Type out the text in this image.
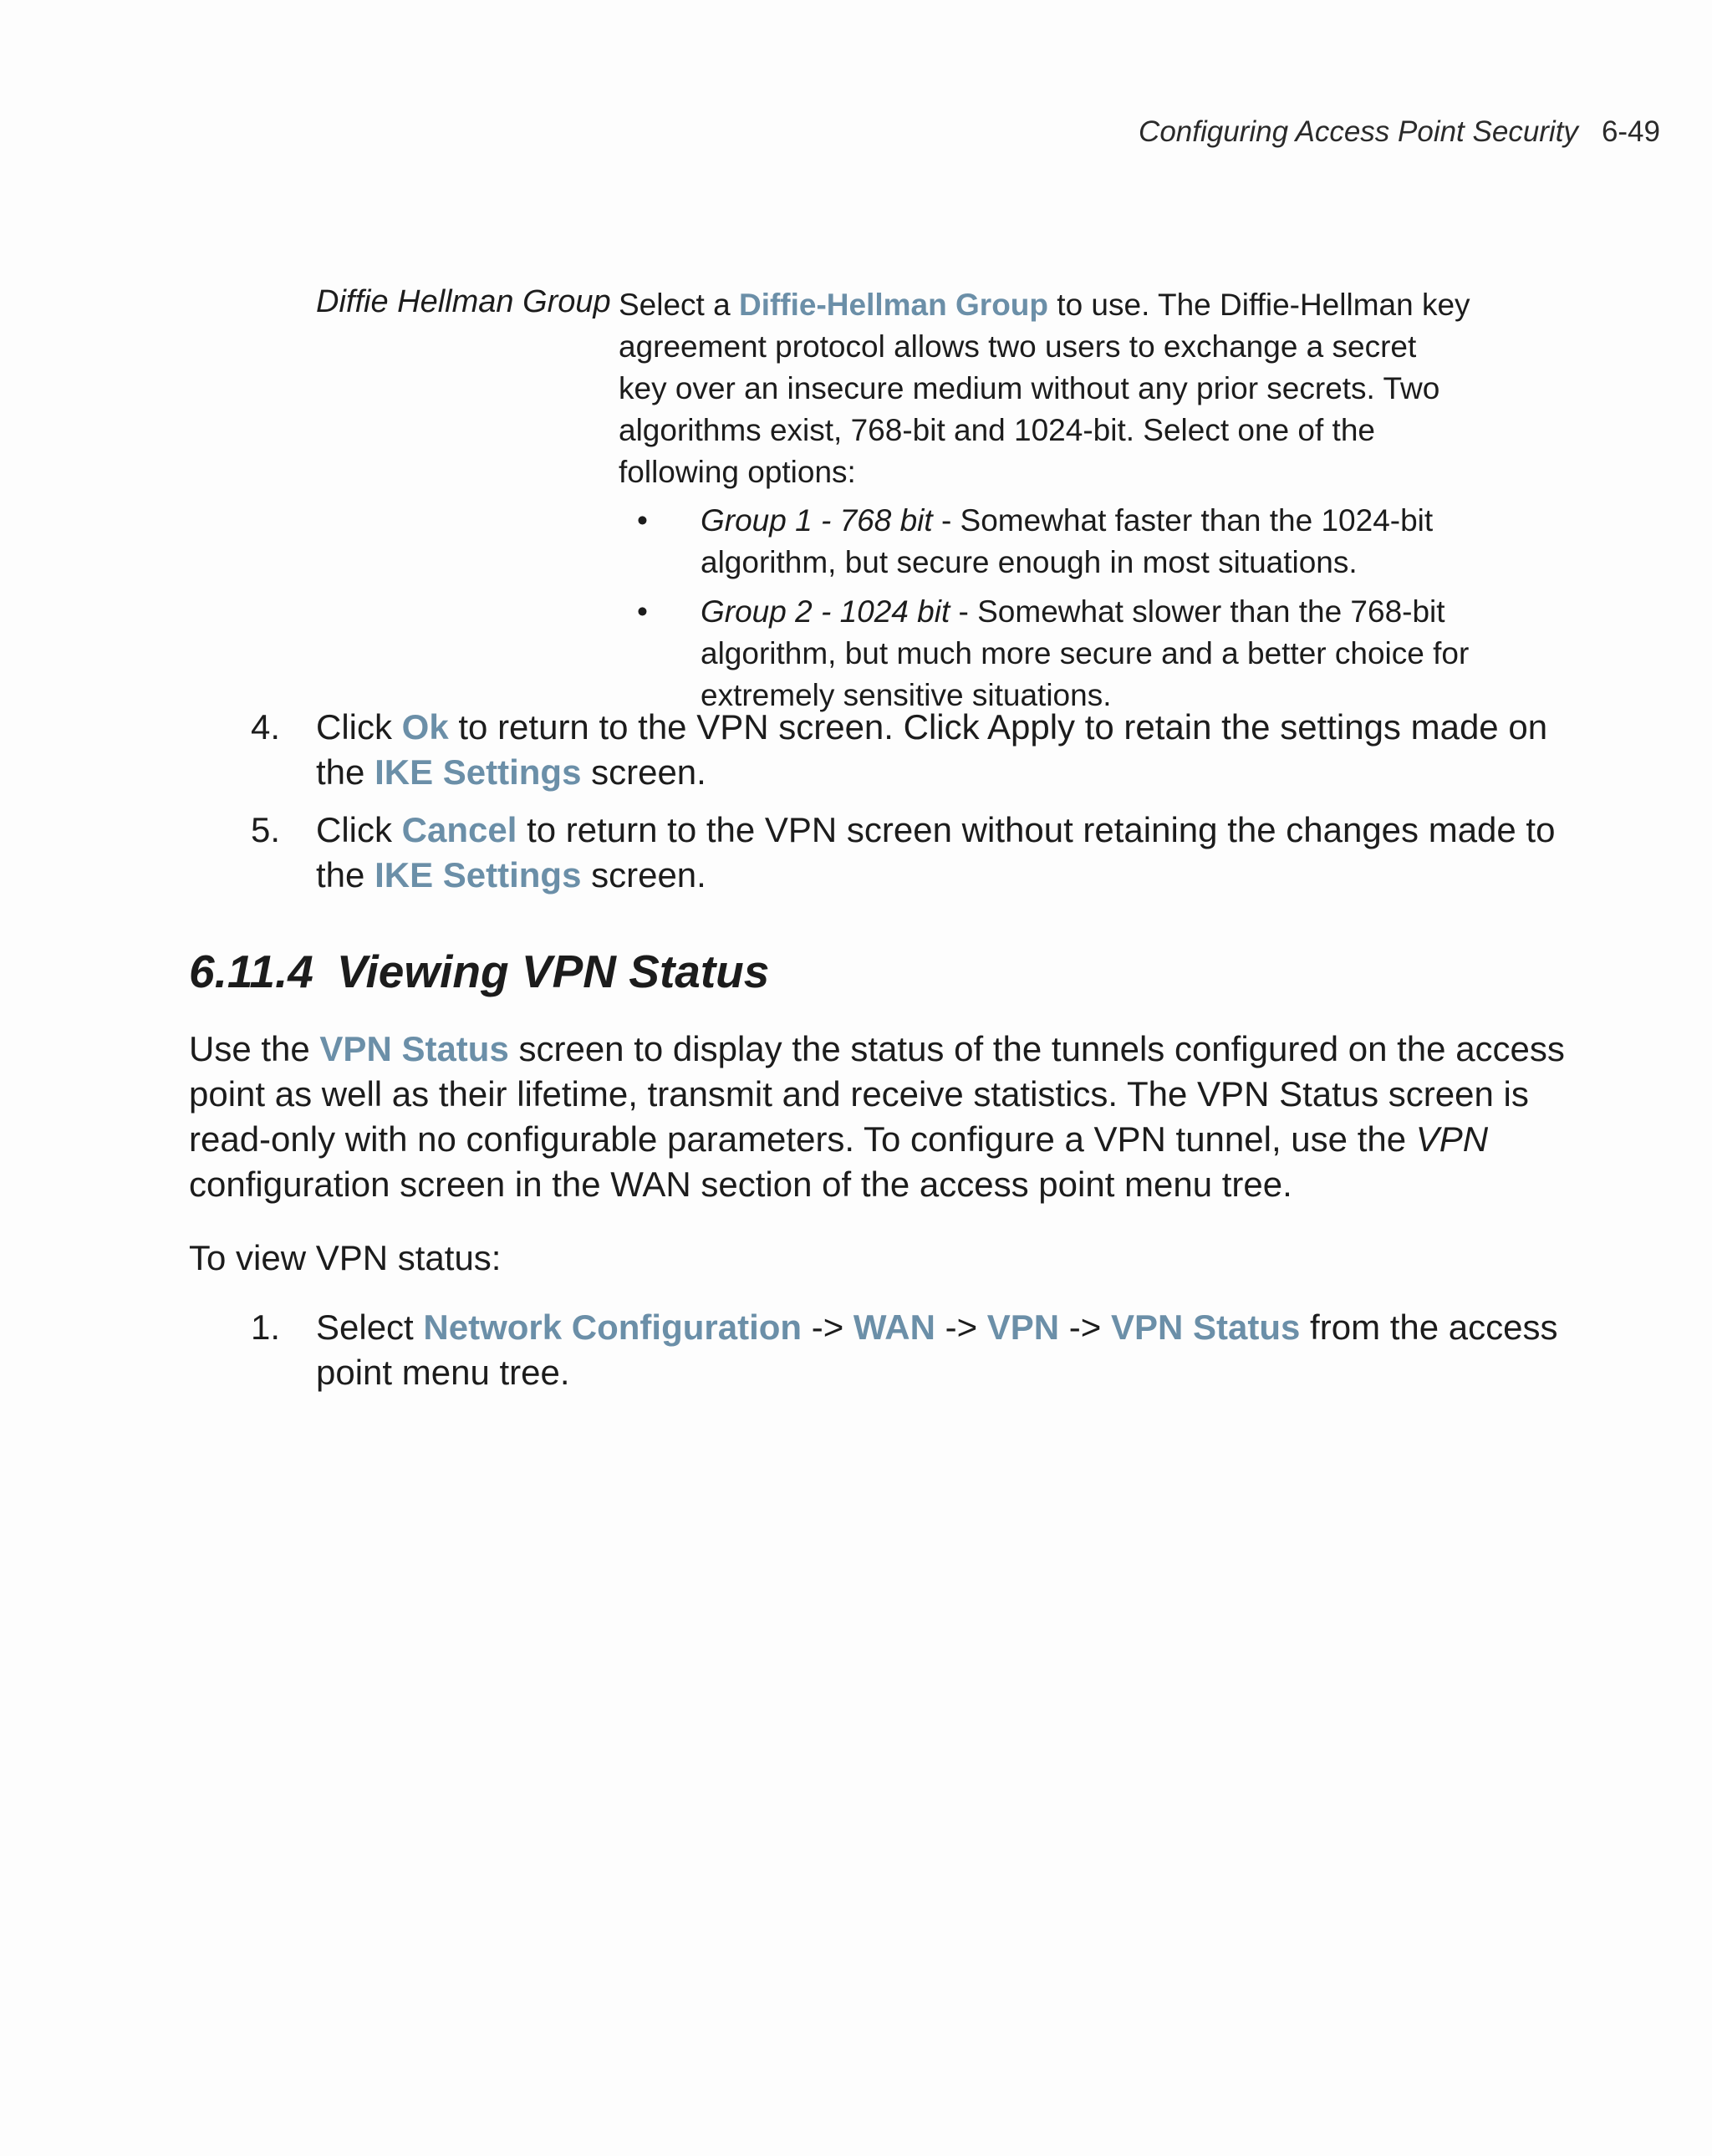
Configuring Access Point Security 6-49
Diffie Hellman Group Select a Diffie-Hellman Group to use. The Diffie-Hellman key agreement protocol allows two users to exchange a secret key over an insecure medium without any prior secrets. Two algorithms exist, 768-bit and 1024-bit. Select one of the following options:

• Group 1 - 768 bit - Somewhat faster than the 1024-bit algorithm, but secure enough in most situations.
• Group 2 - 1024 bit - Somewhat slower than the 768-bit algorithm, but much more secure and a better choice for extremely sensitive situations.
4. Click Ok to return to the VPN screen. Click Apply to retain the settings made on the IKE Settings screen.
5. Click Cancel to return to the VPN screen without retaining the changes made to the IKE Settings screen.
6.11.4 Viewing VPN Status

Use the VPN Status screen to display the status of the tunnels configured on the access point as well as their lifetime, transmit and receive statistics. The VPN Status screen is read-only with no configurable parameters. To configure a VPN tunnel, use the VPN configuration screen in the WAN section of the access point menu tree.

To view VPN status:

1. Select Network Configuration -> WAN -> VPN -> VPN Status from the access point menu tree.
